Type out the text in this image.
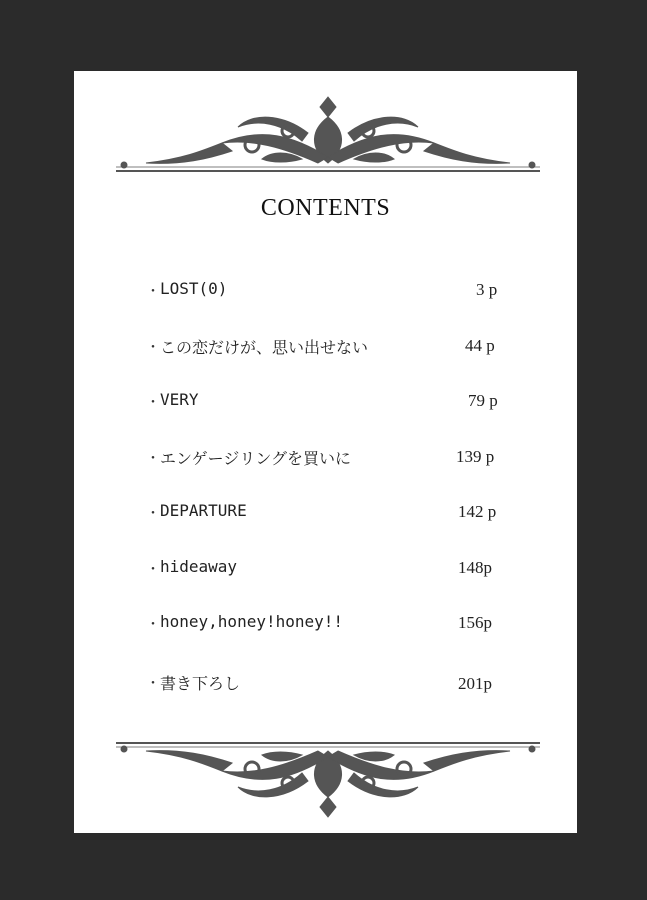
CONTENTS
・ LOST(0)	3 p
・ この恋だけが、思い出せない	44 p
・ VERY	79 p
・ エンゲージリングを買いに	139 p
・ DEPARTURE	142 p
・ hideaway	148p
・ honey,honey!honey!!	156p
・ 書き下ろし	201p
